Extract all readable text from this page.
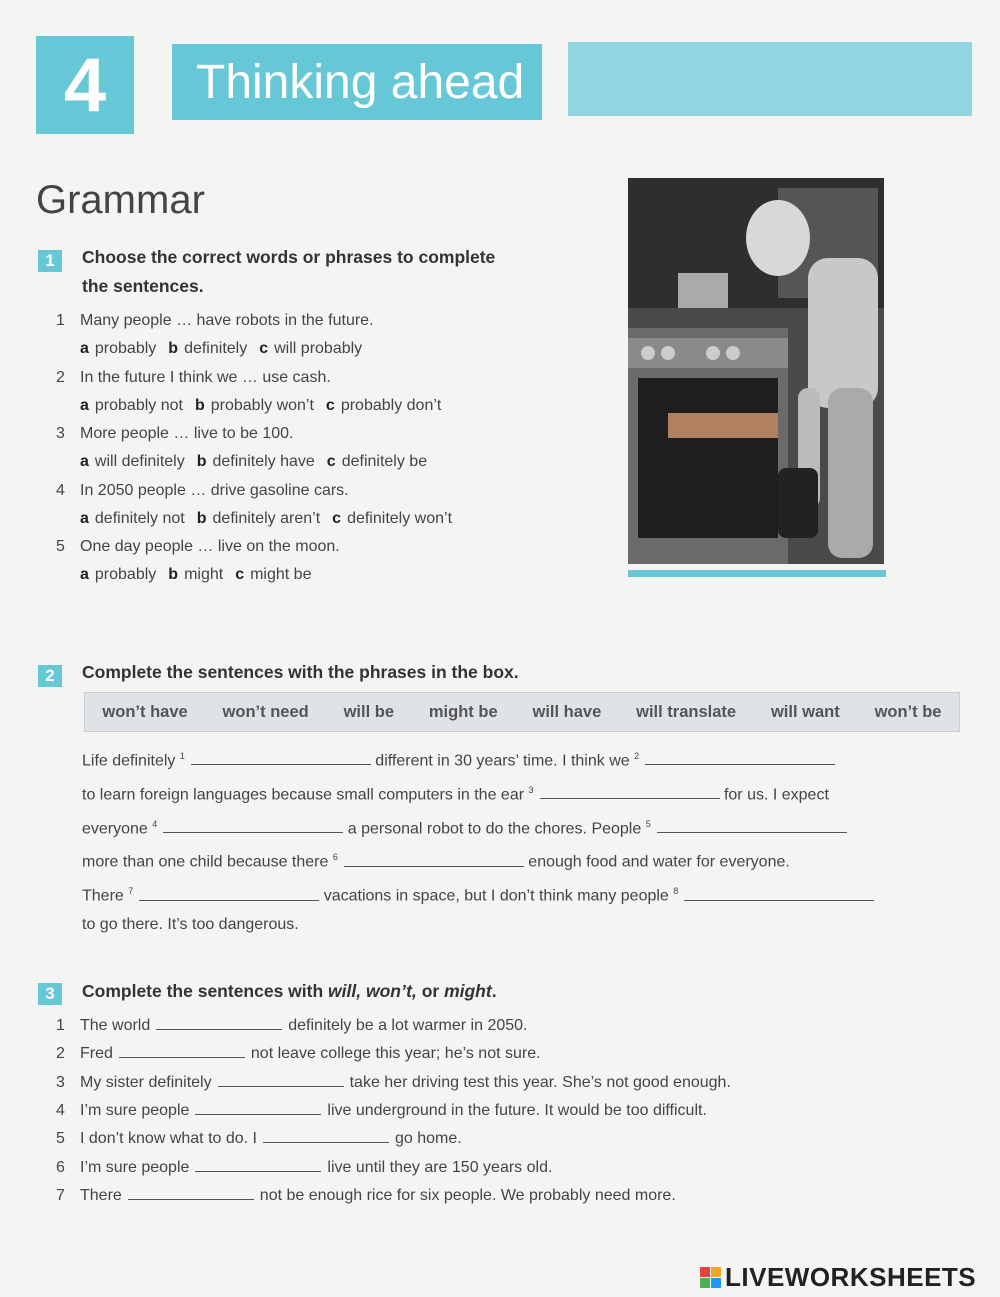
4	Thinking ahead
Grammar
1	Choose the correct words or phrases to complete
the sentences.
1 Many people … have robots in the future.
a probably b definitely c will probably
2 In the future I think we … use cash.
a probably not b probably won’t c probably don’t
3 More people … live to be 100.
a will definitely b definitely have c definitely be
4 In 2050 people … drive gasoline cars.
a definitely not b definitely aren’t c definitely won’t
5 One day people … live on the moon.
a probably b might c might be
2	Complete the sentences with the phrases in the box.
won’t have won’t need will be might be will have will translate will want won’t be
Life definitely $^1$	different in 30 years’ time. I think we $^2$
to learn foreign languages because small computers in the ear $^3$	for us. I expect
everyone $^4$	a personal robot to do the chores. People $^5$
more than one child because there $^6$	enough food and water for everyone.
There $^7$	vacations in space, but I don’t think many people $^8$
to go there. It’s too dangerous.
3	Complete the sentences with will, won’t, or might.
1 The world	definitely be a lot warmer in 2050.
2 Fred	not leave college this year; he’s not sure.
3 My sister definitely	take her driving test this year. She’s not good enough.
4 I’m sure people	live underground in the future. It would be too difficult.
5 I don’t know what to do. I	go home.
6 I’m sure people	live until they are 150 years old.
7 There	not be enough rice for six people. We probably need more.
LIVEWORKSHEETS
